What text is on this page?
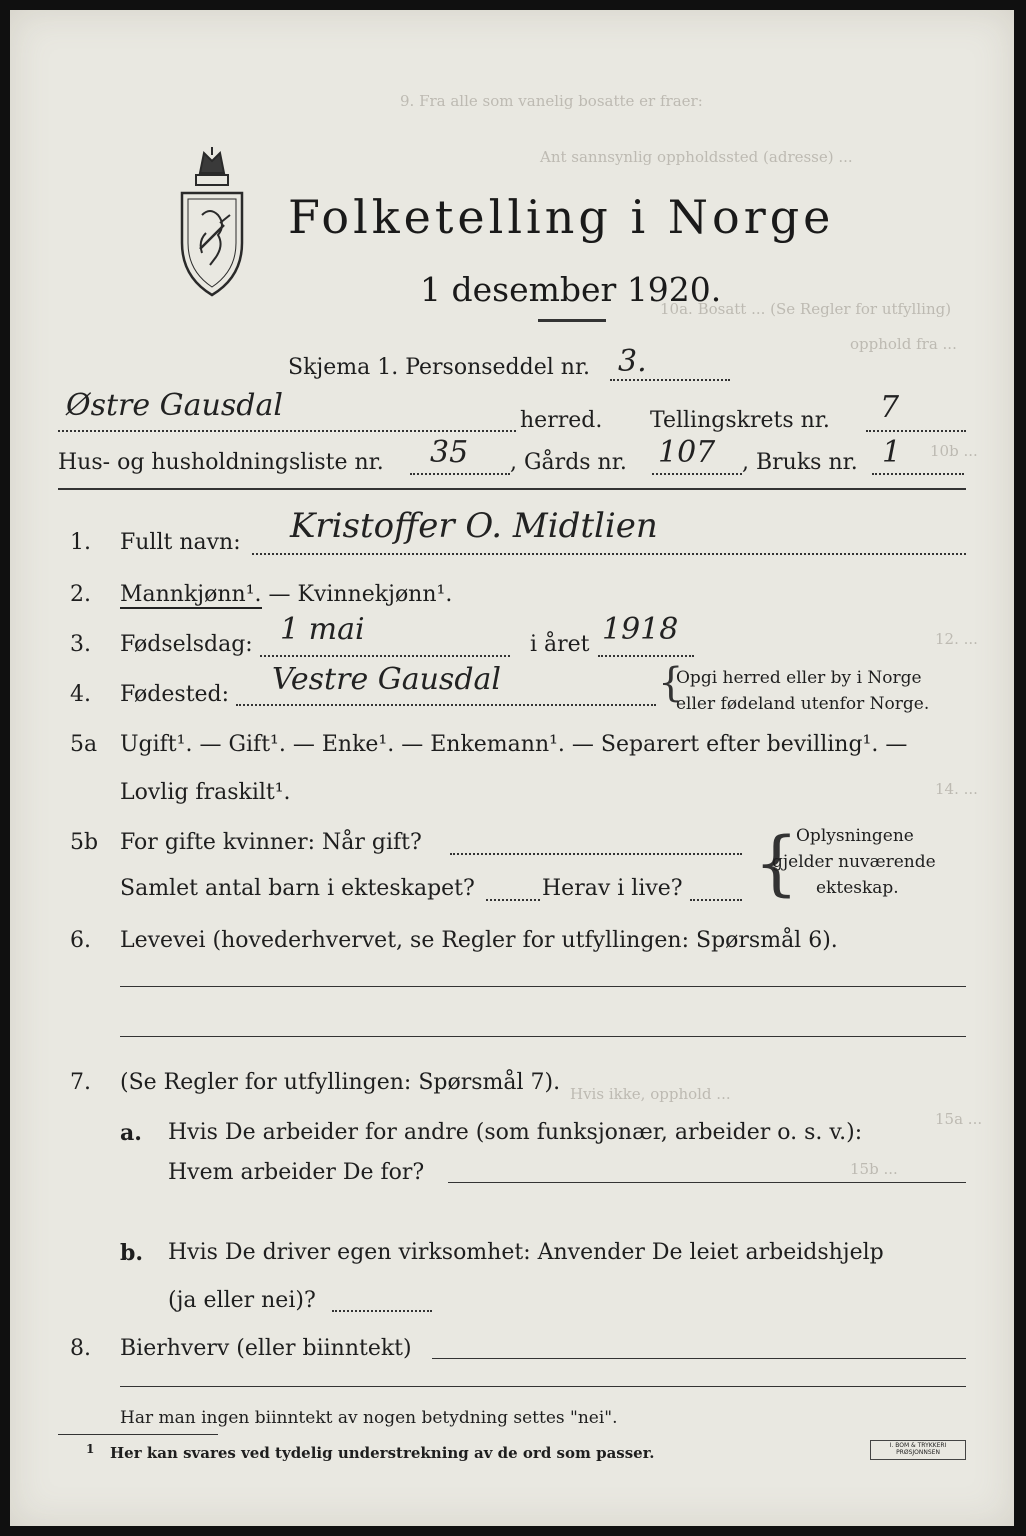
9. Fra alle som vanelig bosatte er fraer:
Ant sannsynlig oppholdssted (adresse) ...
10a. Bosatt ... (Se Regler for utfylling)
opphold fra ...
10b ...
12. ...
14. ...
15a ...
15b ...
Hvis ikke, opphold ...
Folketelling i Norge
1 desember 1920.
Skjema 1. Personseddel nr. 3.
Østre Gausdal	herred. Tellingskrets nr. 7
Hus- og husholdningsliste nr. 35 , Gårds nr. 107 , Bruks nr. 1
1. Fullt navn: Kristoffer O. Midtlien
2. Mannkjønn¹. — Kvinnekjønn¹.
3. Fødselsdag: 1 mai	i året 1918
4. Fødested: Vestre Gausdal	{
Opgi herred eller by i Norge
eller fødeland utenfor Norge.
5a Ugift¹. — Gift¹. — Enke¹. — Enkemann¹. — Separert efter bevilling¹. —
Lovlig fraskilt¹.
5b For gifte kvinner: Når gift?
Samlet antal barn i ekteskapet?	Herav i live? {
Oplysningene
gjelder nuværende
ekteskap.
6. Levevei (hovederhvervet, se Regler for utfyllingen: Spørsmål 6).
7. (Se Regler for utfyllingen: Spørsmål 7).
a. Hvis De arbeider for andre (som funksjonær, arbeider o. s. v.):
Hvem arbeider De for?
b. Hvis De driver egen virksomhet: Anvender De leiet arbeidshjelp
(ja eller nei)?
8. Bierhverv (eller biinntekt)
Har man ingen biinntekt av nogen betydning settes "nei".
1 Her kan svares ved tydelig understrekning av de ord som passer.	I. BOM & TRYKKERI
PRØSJONNSEN
